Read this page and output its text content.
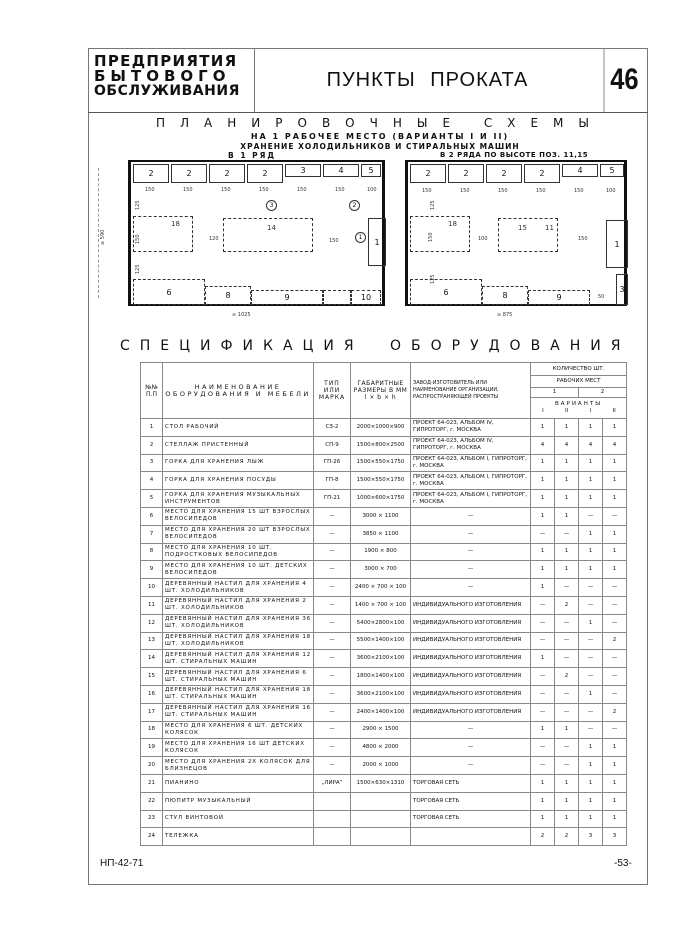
ПРЕДПРИЯТИЯ
БЫТОВОГО
ОБСЛУЖИВАНИЯ
ПУНКТЫ ПРОКАТА	46
ПЛАНИРОВОЧНЫЕ СХЕМЫ
НА 1 РАБОЧЕЕ МЕСТО (ВАРИАНТЫ I И II)
ХРАНЕНИЕ ХОЛОДИЛЬНИКОВ И СТИРАЛЬНЫХ МАШИН
В 1 РЯД	В 2 РЯДА ПО ВЫСОТЕ ПОЗ. 11,15
≥ 590
2	2	2	2	3	4	5
150	150	150	150	150	150	100
3	2
1
125
150
125
18
120
14
150	1
6	8	9	10
≥ 1025
2	2	2	2	4	5
150	150	150	150	150	100
125
150
125
18
100
15	11
150
1
3
6	8	9	50
≥ 875
СПЕЦИФИКАЦИЯ ОБОРУДОВАНИЯ
№№ П.П	НАИМЕНОВАНИЕ ОБОРУДОВАНИЯ И МЕБЕЛИ	ТИП ИЛИ МАРКА	ГАБАРИТНЫЕ РАЗМЕРЫ В ММ l × b × h	ЗАВОД-ИЗГОТОВИТЕЛЬ ИЛИ НАИМЕНОВАНИЕ ОРГАНИЗАЦИИ, РАСПРОСТРАНЯЮЩЕЙ ПРОЕКТЫ	КОЛИЧЕСТВО ШТ.			
					РАБОЧИХ МЕСТ			
					1		2	

					ВАРИАНТЫ
I II I II			

1	СТОЛ РАБОЧИЙ	СЗ-2	2000×1000×900	ПРОЕКТ 64-023, АЛЬБОМ IV, ГИПРОТОРГ, г. МОСКВА	1	1	1	1
2	СТЕЛЛАЖ ПРИСТЕННЫЙ	СП-9	1500×800×2500	ПРОЕКТ 64-023, АЛЬБОМ IV, ГИПРОТОРГ, г. МОСКВА	4	4	4	4
3	ГОРКА ДЛЯ ХРАНЕНИЯ ЛЫЖ	ГП-26	1500×550×1750	ПРОЕКТ 64-023, АЛЬБОМ I, ГИПРОТОРГ, г. МОСКВА	1	1	1	1
4	ГОРКА ДЛЯ ХРАНЕНИЯ ПОСУДЫ	ГП-8	1500×550×1750	ПРОЕКТ 64-023, АЛЬБОМ I, ГИПРОТОРГ, г. МОСКВА	1	1	1	1
5	ГОРКА ДЛЯ ХРАНЕНИЯ МУЗЫКАЛЬНЫХ ИНСТРУМЕНТОВ	ГП-21	1000×600×1750	ПРОЕКТ 64-023, АЛЬБОМ I, ГИПРОТОРГ, г. МОСКВА	1	1	1	1
6	МЕСТО ДЛЯ ХРАНЕНИЯ 15 ШТ ВЗРОСЛЫХ ВЕЛОСИПЕДОВ	—	3000 × 1100	—	1	1	—	—
7	МЕСТО ДЛЯ ХРАНЕНИЯ 20 ШТ ВЗРОСЛЫХ ВЕЛОСИПЕДОВ	—	3850 × 1100	—	—	—	1	1
8	МЕСТО ДЛЯ ХРАНЕНИЯ 10 ШТ. ПОДРОСТКОВЫХ ВЕЛОСИПЕДОВ	—	1900 × 800	—	1	1	1	1
9	МЕСТО ДЛЯ ХРАНЕНИЯ 10 ШТ. ДЕТСКИХ ВЕЛОСИПЕДОВ	—	3000 × 700	—	1	1	1	1
10	ДЕРЕВЯННЫЙ НАСТИЛ ДЛЯ ХРАНЕНИЯ 4 ШТ. ХОЛОДИЛЬНИКОВ	—	2400 × 700 × 100	—	1	—	—	—
11	ДЕРЕВЯННЫЙ НАСТИЛ ДЛЯ ХРАНЕНИЯ 2 ШТ. ХОЛОДИЛЬНИКОВ	—	1400 × 700 × 100	ИНДИВИДУАЛЬНОГО ИЗГОТОВЛЕНИЯ	—	2	—	—
12	ДЕРЕВЯННЫЙ НАСТИЛ ДЛЯ ХРАНЕНИЯ 36 ШТ. ХОЛОДИЛЬНИКОВ	—	5400×2800×100	ИНДИВИДУАЛЬНОГО ИЗГОТОВЛЕНИЯ	—	—	1	—
13	ДЕРЕВЯННЫЙ НАСТИЛ ДЛЯ ХРАНЕНИЯ 18 ШТ. ХОЛОДИЛЬНИКОВ	—	5500×1400×100	ИНДИВИДУАЛЬНОГО ИЗГОТОВЛЕНИЯ	—	—	—	2
14	ДЕРЕВЯННЫЙ НАСТИЛ ДЛЯ ХРАНЕНИЯ 12 ШТ. СТИРАЛЬНЫХ МАШИН	—	3600×2100×100	ИНДИВИДУАЛЬНОГО ИЗГОТОВЛЕНИЯ	1	—	—	—
15	ДЕРЕВЯННЫЙ НАСТИЛ ДЛЯ ХРАНЕНИЯ 6 ШТ. СТИРАЛЬНЫХ МАШИН	—	1800×1400×100	ИНДИВИДУАЛЬНОГО ИЗГОТОВЛЕНИЯ	—	2	—	—
16	ДЕРЕВЯННЫЙ НАСТИЛ ДЛЯ ХРАНЕНИЯ 18 ШТ. СТИРАЛЬНЫХ МАШИН	—	3600×2100×100	ИНДИВИДУАЛЬНОГО ИЗГОТОВЛЕНИЯ	—	—	1	—
17	ДЕРЕВЯННЫЙ НАСТИЛ ДЛЯ ХРАНЕНИЯ 16 ШТ. СТИРАЛЬНЫХ МАШИН	—	2400×1400×100	ИНДИВИДУАЛЬНОГО ИЗГОТОВЛЕНИЯ	—	—	—	2
18	МЕСТО ДЛЯ ХРАНЕНИЯ 6 ШТ. ДЕТСКИХ КОЛЯСОК	—	2900 × 1500	—	1	1	—	—
19	МЕСТО ДЛЯ ХРАНЕНИЯ 16 ШТ ДЕТСКИХ КОЛЯСОК	—	4800 × 2000	—	—	—	1	1
20	МЕСТО ДЛЯ ХРАНЕНИЯ 2Х КОЛЯСОК ДЛЯ БЛИЗНЕЦОВ	—	2000 × 1000	—	—	—	1	1
21	ПИАНИНО	„ЛИРА“	1500×630×1310	ТОРГОВАЯ СЕТЬ	1	1	1	1
22	ПЮПИТР МУЗЫКАЛЬНЫЙ			ТОРГОВАЯ СЕТЬ	1	1	1	1
23	СТУЛ ВИНТОВОЙ			ТОРГОВАЯ СЕТЬ	1	1	1	1
24	ТЕЛЕЖКА				2	2	3	3
НП-42-71	-53-
